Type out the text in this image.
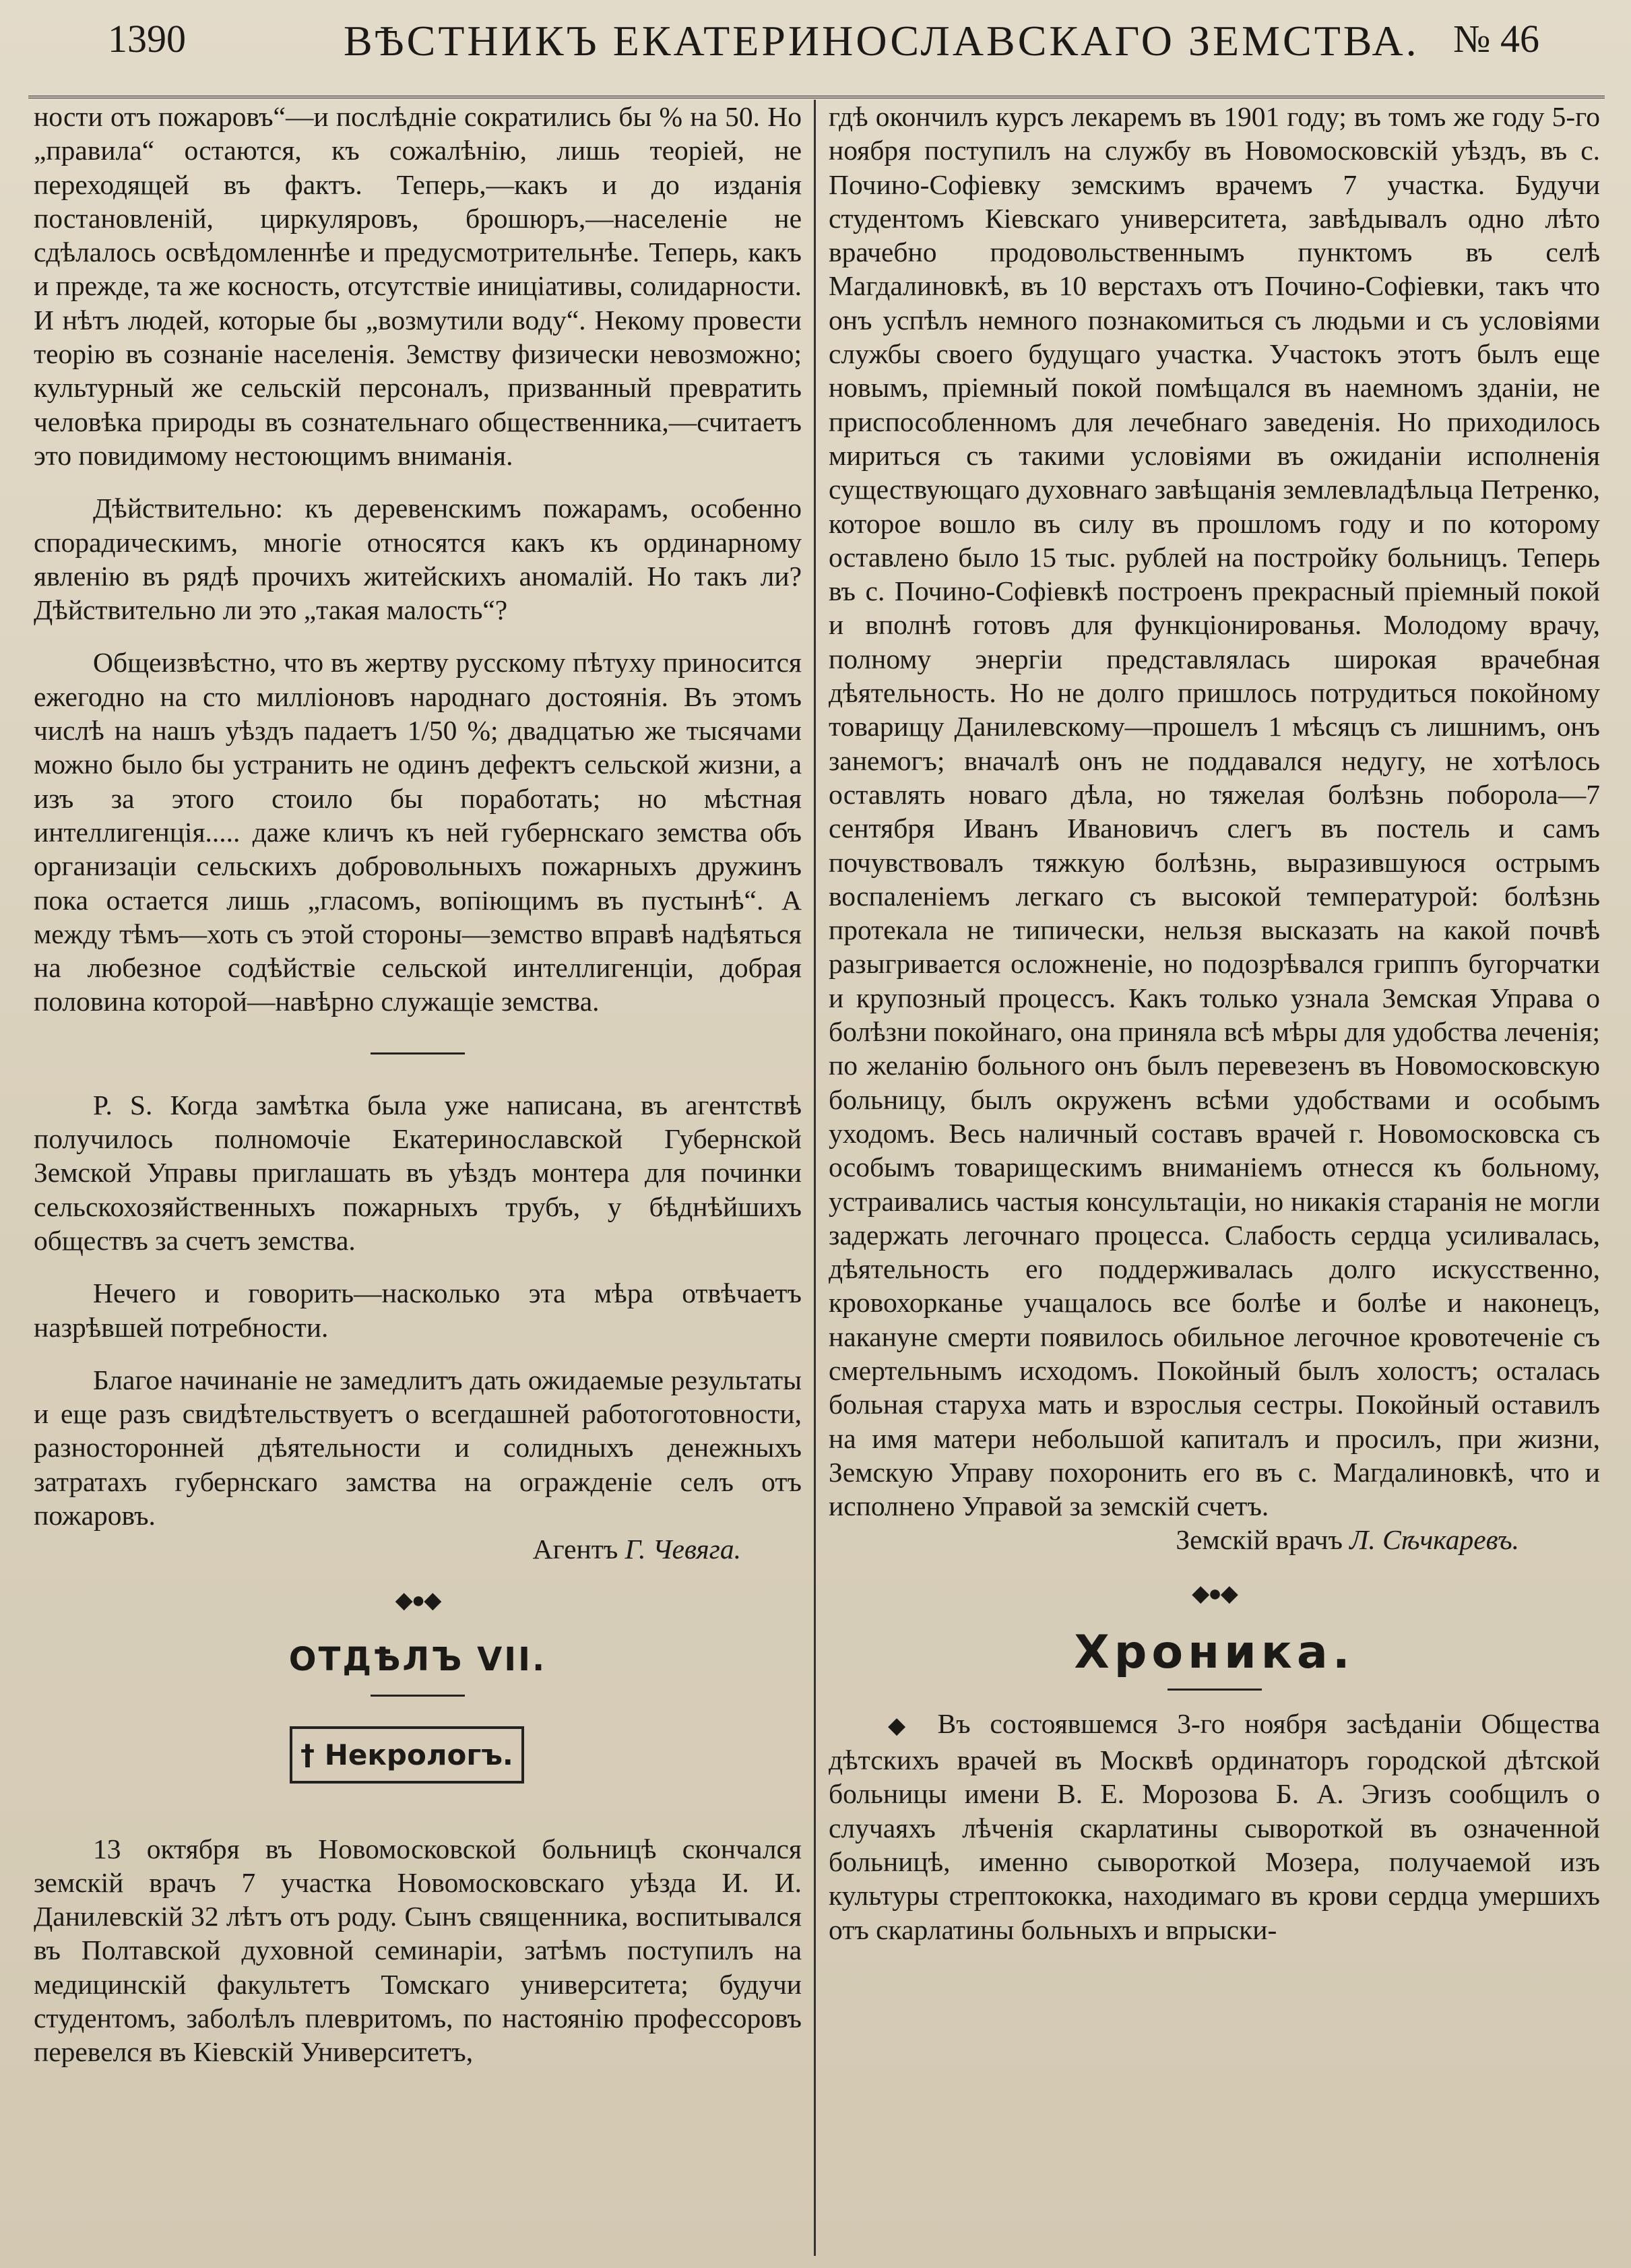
1390	ВѢСТНИКЪ ЕКАТЕРИНОСЛАВСКАГО ЗЕМСТВА. № 46

ности отъ пожаровъ“—и послѣдніе сократились бы % на 50. Но „правила“ остаются, къ сожалѣнію, лишь теоріей, не переходящей въ фактъ. Теперь,—какъ и до изданія постановленій, циркуляровъ, брошюръ,—населеніе не сдѣлалось освѣдомленнѣе и предусмотрительнѣе. Теперь, какъ и прежде, та же косность, отсутствіе иниціативы, солидарности. И нѣтъ людей, которые бы „возмутили воду“. Некому провести теорію въ сознаніе населенія. Земству физически невозможно; культурный же сельскій персоналъ, призванный превратить человѣка природы въ сознательнаго общественника,—считаетъ это повидимому нестоющимъ вниманія.

Дѣйствительно: къ деревенскимъ пожарамъ, особенно спорадическимъ, многіе относятся какъ къ ординарному явленію въ рядѣ прочихъ житейскихъ аномалій. Но такъ ли? Дѣйствительно ли это „такая малость“?

Общеизвѣстно, что въ жертву русскому пѣтуху приносится ежегодно на сто милліоновъ народнаго достоянія. Въ этомъ числѣ на нашъ уѣздъ падаетъ 1/50 %; двадцатью же тысячами можно было бы устранить не одинъ дефектъ сельской жизни, а изъ за этого стоило бы поработать; но мѣстная интеллигенція..... даже кличъ къ ней губернскаго земства объ организаціи сельскихъ добровольныхъ пожарныхъ дружинъ пока остается лишь „гласомъ, вопіющимъ въ пустынѣ“. А между тѣмъ—хоть съ этой стороны—земство вправѣ надѣяться на любезное содѣйствіе сельской интеллигенціи, добрая половина которой—навѣрно служащіе земства.

P. S. Когда замѣтка была уже написана, въ агентствѣ получилось полномочіе Екатеринославской Губернской Земской Управы приглашать въ уѣздъ монтера для починки сельскохозяйственныхъ пожарныхъ трубъ, у бѣднѣйшихъ обществъ за счетъ земства.

Нечего и говорить—насколько эта мѣра отвѣчаетъ назрѣвшей потребности.

Благое начинаніе не замедлитъ дать ожидаемые результаты и еще разъ свидѣтельствуетъ о всегдашней работоготовности, разносторонней дѣятельности и солидныхъ денежныхъ затратахъ губернскаго замства на огражденіе селъ отъ пожаровъ.

Агентъ Г. Чевяга.
◆●◆
ОТДѢЛЪ VII.
† Некрологъ.

13 октября въ Новомосковской больницѣ скончался земскій врачъ 7 участка Новомосковскаго уѣзда И. И. Данилевскій 32 лѣтъ отъ роду. Сынъ священника, воспитывался въ Полтавской духовной семинаріи, затѣмъ поступилъ на медицинскій факультетъ Томскаго университета; будучи студентомъ, заболѣлъ плевритомъ, по настоянію профессоровъ перевелся въ Кіевскій Университетъ,

гдѣ окончилъ курсъ лекаремъ въ 1901 году; въ томъ же году 5-го ноября поступилъ на службу въ Новомосковскій уѣздъ, въ с. Почино-Софіевку земскимъ врачемъ 7 участка. Будучи студентомъ Кіевскаго университета, завѣдывалъ одно лѣто врачебно продовольственнымъ пунктомъ въ селѣ Магдалиновкѣ, въ 10 верстахъ отъ Почино-Софіевки, такъ что онъ успѣлъ немного познакомиться съ людьми и съ условіями службы своего будущаго участка. Участокъ этотъ былъ еще новымъ, пріемный покой помѣщался въ наемномъ зданіи, не приспособленномъ для лечебнаго заведенія. Но приходилось мириться съ такими условіями въ ожиданіи исполненія существующаго духовнаго завѣщанія землевладѣльца Петренко, которое вошло въ силу въ прошломъ году и по которому оставлено было 15 тыс. рублей на постройку больницъ. Теперь въ с. Почино-Софіевкѣ построенъ прекрасный пріемный покой и вполнѣ готовъ для функціонированья. Молодому врачу, полному энергіи представлялась широкая врачебная дѣятельность. Но не долго пришлось потрудиться покойному товарищу Данилевскому—прошелъ 1 мѣсяцъ съ лишнимъ, онъ занемогъ; вначалѣ онъ не поддавался недугу, не хотѣлось оставлять новаго дѣла, но тяжелая болѣзнь поборола—7 сентября Иванъ Ивановичъ слегъ въ постель и самъ почувствовалъ тяжкую болѣзнь, выразившуюся острымъ воспаленіемъ легкаго съ высокой температурой: болѣзнь протекала не типически, нельзя высказать на какой почвѣ разыгривается осложненіе, но подозрѣвался гриппъ бугорчатки и крупозный процессъ. Какъ только узнала Земская Управа о болѣзни покойнаго, она приняла всѣ мѣры для удобства леченія; по желанію больного онъ былъ перевезенъ въ Новомосковскую больницу, былъ окруженъ всѣми удобствами и особымъ уходомъ. Весь наличный составъ врачей г. Новомосковска съ особымъ товарищескимъ вниманіемъ отнесся къ больному, устраивались частыя консультаціи, но никакія старанія не могли задержать легочнаго процесса. Слабость сердца усиливалась, дѣятельность его поддерживалась долго искусственно, кровохорканье учащалось все болѣе и болѣе и наконецъ, накануне смерти появилось обильное легочное кровотеченіе съ смертельнымъ исходомъ. Покойный былъ холостъ; осталась больная старуха мать и взрослыя сестры. Покойный оставилъ на имя матери небольшой капиталъ и просилъ, при жизни, Земскую Управу похоронить его въ с. Магдалиновкѣ, что и исполнено Управой за земскій счетъ.

Земскій врачъ Л. Сѣчкаревъ.
◆●◆
Хроника.

◆ Въ состоявшемся 3-го ноября засѣданіи Общества дѣтскихъ врачей въ Москвѣ ординаторъ городской дѣтской больницы имени В. Е. Морозова Б. А. Эгизъ сообщилъ о случаяхъ лѣченія скарлатины сывороткой въ означенной больницѣ, именно сывороткой Мозера, получаемой изъ культуры стрептококка, находимаго въ крови сердца умершихъ отъ скарлатины больныхъ и впрыски-
